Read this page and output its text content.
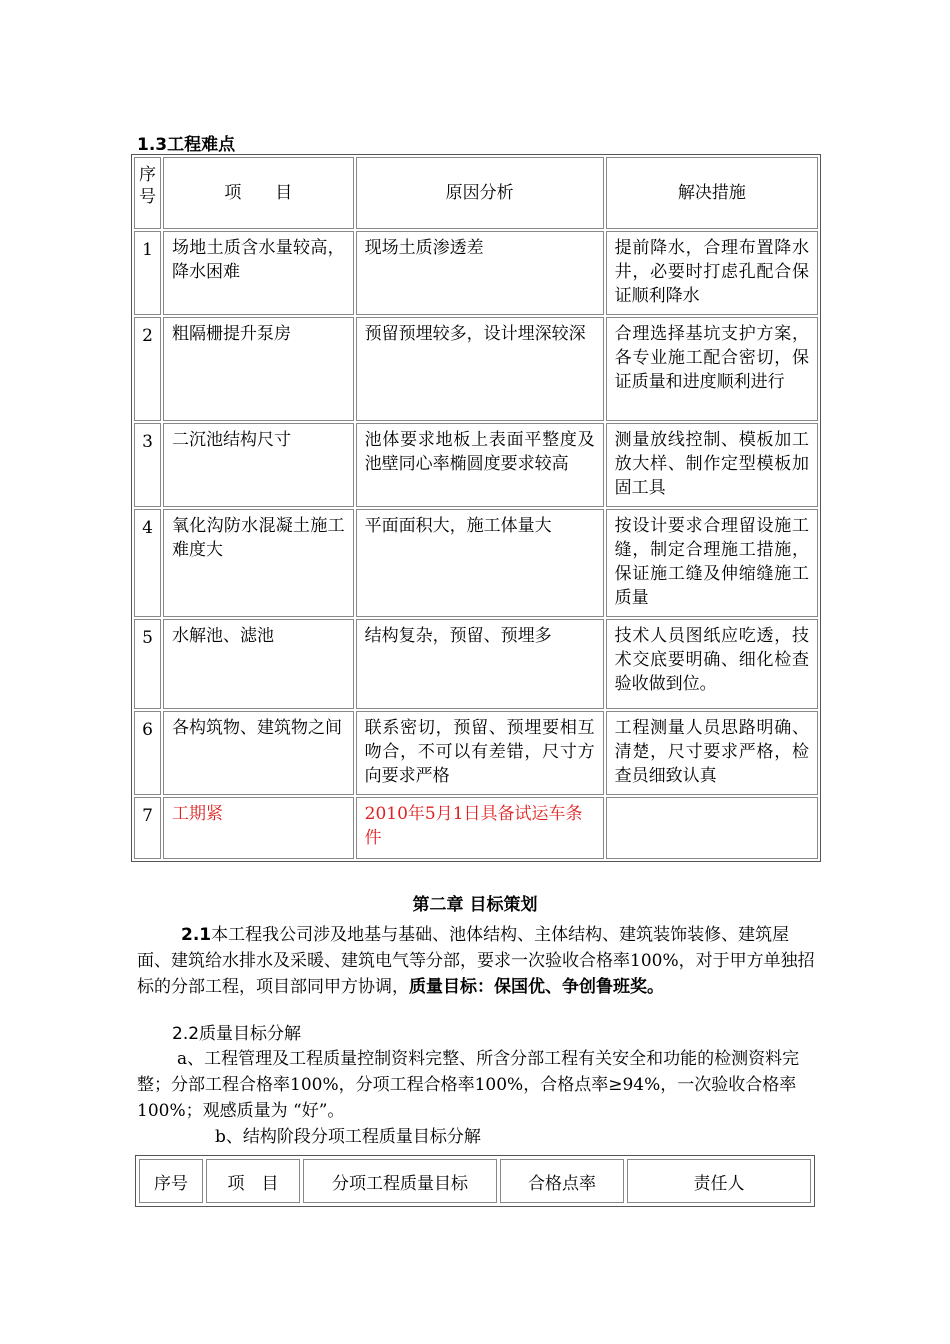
1.3工程难点
序号	项　　目	原因分析	解决措施
1	场地土质含水量较高，降水困难	现场土质渗透差	提前降水，合理布置降水井，必要时打虑孔配合保证顺利降水
2	粗隔栅提升泵房	预留预埋较多，设计埋深较深	合理选择基坑支护方案，各专业施工配合密切，保证质量和进度顺利进行
3	二沉池结构尺寸	池体要求地板上表面平整度及池壁同心率椭圆度要求较高	测量放线控制、模板加工放大样、制作定型模板加固工具
4	氧化沟防水混凝土施工难度大	平面面积大，施工体量大	按设计要求合理留设施工缝，制定合理施工措施，保证施工缝及伸缩缝施工质量
5	水解池、滤池	结构复杂，预留、预埋多	技术人员图纸应吃透，技术交底要明确、细化检查验收做到位。
6	各构筑物、建筑物之间	联系密切，预留、预埋要相互吻合，不可以有差错，尺寸方向要求严格	工程测量人员思路明确、清楚，尺寸要求严格，检查员细致认真
7	工期紧	2010年5月1日具备试运车条件	
第二章 目标策划
2.1本工程我公司涉及地基与基础、池体结构、主体结构、建筑装饰装修、建筑屋面、建筑给水排水及采暖、建筑电气等分部，要求一次验收合格率100%，对于甲方单独招标的分部工程，项目部同甲方协调，质量目标：保国优、争创鲁班奖。
2.2质量目标分解
a、工程管理及工程质量控制资料完整、所含分部工程有关安全和功能的检测资料完整；分部工程合格率100%，分项工程合格率100%，合格点率≥94%，一次验收合格率100%；观感质量为 “好”。
b、结构阶段分项工程质量目标分解
序号	项　目	分项工程质量目标	合格点率	责任人
